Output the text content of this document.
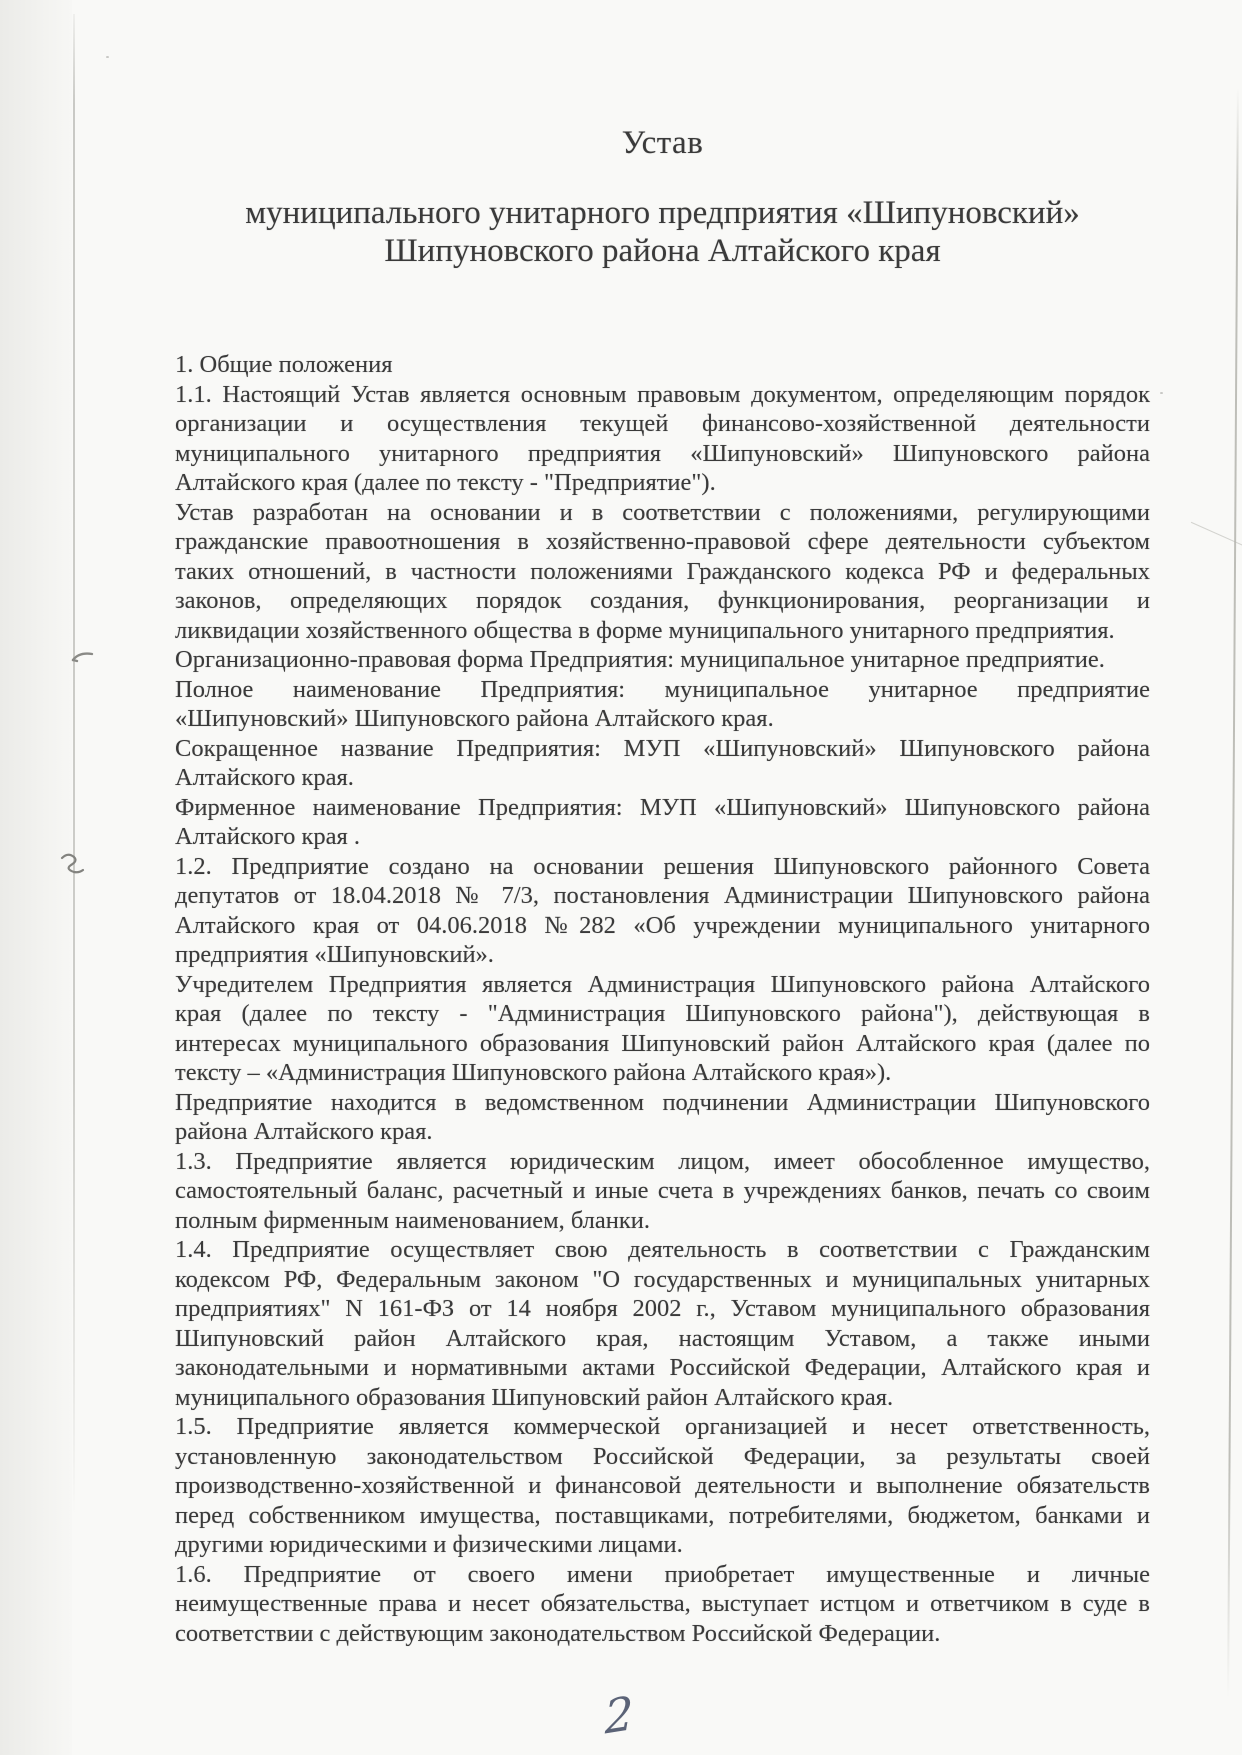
Устав
муниципального унитарного предприятия «Шипуновский»
Шипуновского района Алтайского края
1. Общие положения
1.1. Настоящий Устав является основным правовым документом, определяющим порядок
организации и осуществления текущей финансово-хозяйственной деятельности
муниципального унитарного предприятия «Шипуновский» Шипуновского района
Алтайского края (далее по тексту - "Предприятие").
Устав разработан на основании и в соответствии с положениями, регулирующими
гражданские правоотношения в хозяйственно-правовой сфере деятельности субъектом
таких отношений, в частности положениями Гражданского кодекса РФ и федеральных
законов, определяющих порядок создания, функционирования, реорганизации и
ликвидации хозяйственного общества в форме муниципального унитарного предприятия.
Организационно-правовая форма Предприятия: муниципальное унитарное предприятие.
Полное наименование Предприятия: муниципальное унитарное предприятие
«Шипуновский» Шипуновского района Алтайского края.
Сокращенное название Предприятия: МУП «Шипуновский» Шипуновского района
Алтайского края.
Фирменное наименование Предприятия: МУП «Шипуновский» Шипуновского района
Алтайского края .
1.2. Предприятие создано на основании решения Шипуновского районного Совета
депутатов от 18.04.2018 № 7/3, постановления Администрации Шипуновского района
Алтайского края от 04.06.2018 №282 «Об учреждении муниципального унитарного
предприятия «Шипуновский».
Учредителем Предприятия является Администрация Шипуновского района Алтайского
края (далее по тексту - "Администрация Шипуновского района"), действующая в
интересах муниципального образования Шипуновский район Алтайского края (далее по
тексту – «Администрация Шипуновского района Алтайского края»).
Предприятие находится в ведомственном подчинении Администрации Шипуновского
района Алтайского края.
1.3. Предприятие является юридическим лицом, имеет обособленное имущество,
самостоятельный баланс, расчетный и иные счета в учреждениях банков, печать со своим
полным фирменным наименованием, бланки.
1.4. Предприятие осуществляет свою деятельность в соответствии с Гражданским
кодексом РФ, Федеральным законом "О государственных и муниципальных унитарных
предприятиях" N 161-ФЗ от 14 ноября 2002 г., Уставом муниципального образования
Шипуновский район Алтайского края, настоящим Уставом, а также иными
законодательными и нормативными актами Российской Федерации, Алтайского края и
муниципального образования Шипуновский район Алтайского края.
1.5. Предприятие является коммерческой организацией и несет ответственность,
установленную законодательством Российской Федерации, за результаты своей
производственно-хозяйственной и финансовой деятельности и выполнение обязательств
перед собственником имущества, поставщиками, потребителями, бюджетом, банками и
другими юридическими и физическими лицами.
1.6. Предприятие от своего имени приобретает имущественные и личные
неимущественные права и несет обязательства, выступает истцом и ответчиком в суде в
соответствии с действующим законодательством Российской Федерации.
2
